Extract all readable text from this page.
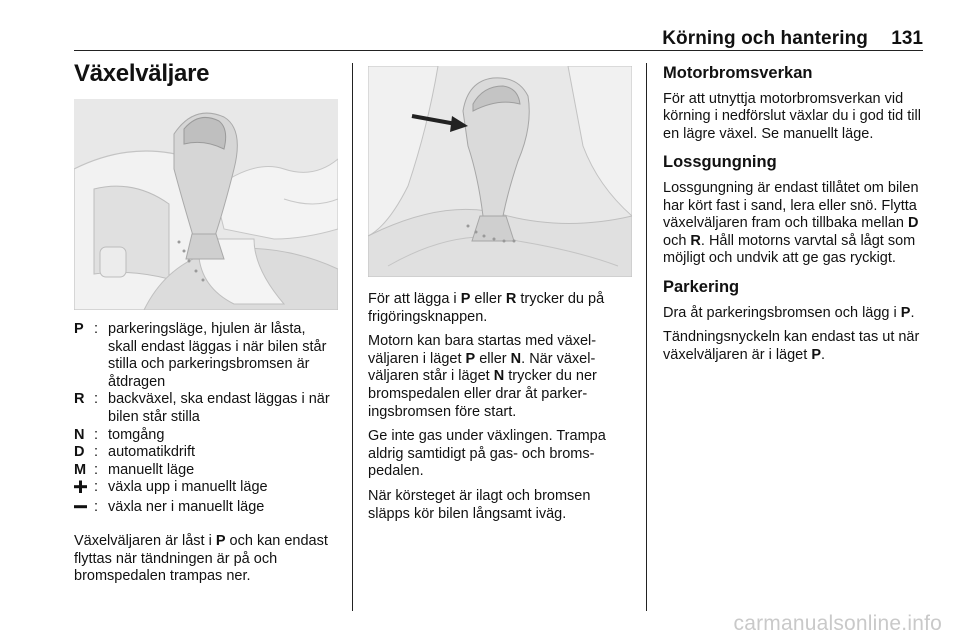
Körning och hantering	131
Växelväljare
P : parkeringsläge, hjulen är låsta, skall endast läggas i när bilen står stilla och parkeringsbromsen är åtdragen
R : backväxel, ska endast läggas i när bilen står stilla
N : tomgång
D : automatikdrift
M : manuellt läge
: växla upp i manuellt läge
: växla ner i manuellt läge

Växelväljaren är låst i P och kan endast flyttas när tändningen är på och bromspedalen trampas ner.

För att lägga i P eller R trycker du på frigöringsknappen.

Motorn kan bara startas med växelväljaren i läget P eller N. När växelväljaren står i läget N trycker du ner bromspedalen eller drar åt parkeringsbromsen före start.

Ge inte gas under växlingen. Trampa aldrig samtidigt på gas- och bromspedalen.

När körsteget är ilagt och bromsen släpps kör bilen långsamt iväg.

Motorbromsverkan

För att utnyttja motorbromsverkan vid körning i nedförslut växlar du i god tid till en lägre växel. Se manuellt läge.

Lossgungning

Lossgungning är endast tillåtet om bilen har kört fast i sand, lera eller snö. Flytta växelväljaren fram och tillbaka mellan D och R. Håll motorns varvtal så lågt som möjligt och undvik att ge gas ryckigt.

Parkering

Dra åt parkeringsbromsen och lägg i P.

Tändningsnyckeln kan endast tas ut när växelväljaren är i läget P.

carmanualsonline.info
